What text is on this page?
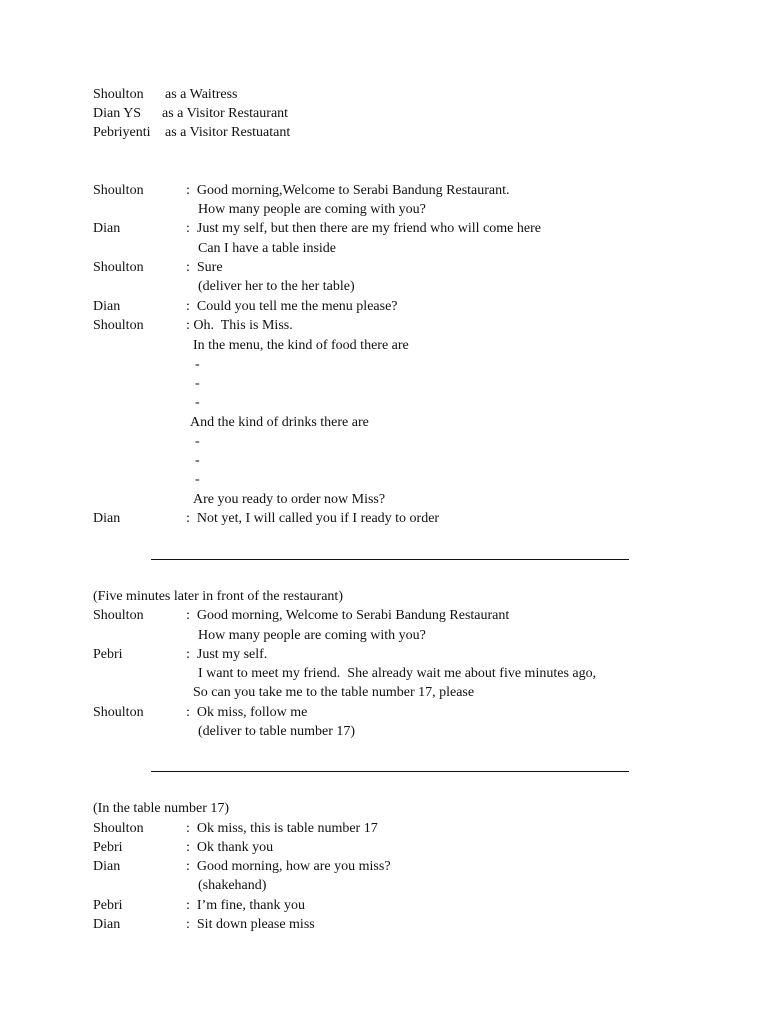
Shoulton as a Waitress
Dian YS as a Visitor Restaurant
Pebriyenti as a Visitor Restuatant
Shoulton	:  Good morning,Welcome to Serabi Bandung Restaurant.
How many people are coming with you?
Dian	:  Just my self, but then there are my friend who will come here
Can I have a table inside
Shoulton	:  Sure
(deliver her to the her table)
Dian	:  Could you tell me the menu please?
Shoulton	: Oh.  This is Miss.
In the menu, the kind of food there are
-
-
-
And the kind of drinks there are
-
-
-
Are you ready to order now Miss?
Dian	:  Not yet, I will called you if I ready to order
(Five minutes later in front of the restaurant)
Shoulton	:  Good morning, Welcome to Serabi Bandung Restaurant
How many people are coming with you?
Pebri	:  Just my self.
I want to meet my friend.  She already wait me about five minutes ago,
So can you take me to the table number 17, please
Shoulton	:  Ok miss, follow me
(deliver to table number 17)
(In the table number 17)
Shoulton	:  Ok miss, this is table number 17
Pebri	:  Ok thank you
Dian	:  Good morning, how are you miss?
(shakehand)
Pebri	:  I’m fine, thank you
Dian	:  Sit down please miss
